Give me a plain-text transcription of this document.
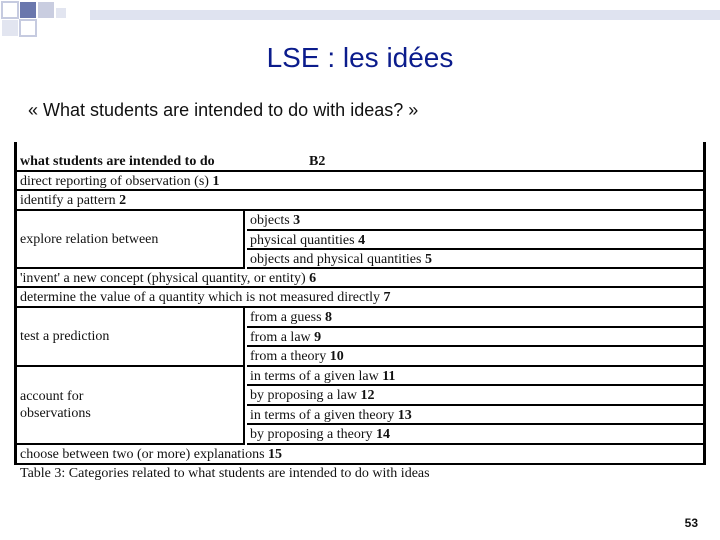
LSE : les idées
« What students are intended to do with ideas? »
what students are intended to do	B2
direct reporting of observation (s) 1
identify a pattern 2
explore relation between
objects 3
physical quantities 4
objects and physical quantities 5
'invent' a new concept (physical quantity, or entity) 6
determine the value of a quantity which is not measured directly 7
test a prediction
from a guess 8
from a law 9
from a theory 10
account for
observations
in terms of a given law 11
by proposing a law 12
in terms of a given theory 13
by proposing a theory 14
choose between two (or more) explanations 15
Table 3: Categories related to what students are intended to do with ideas
53
